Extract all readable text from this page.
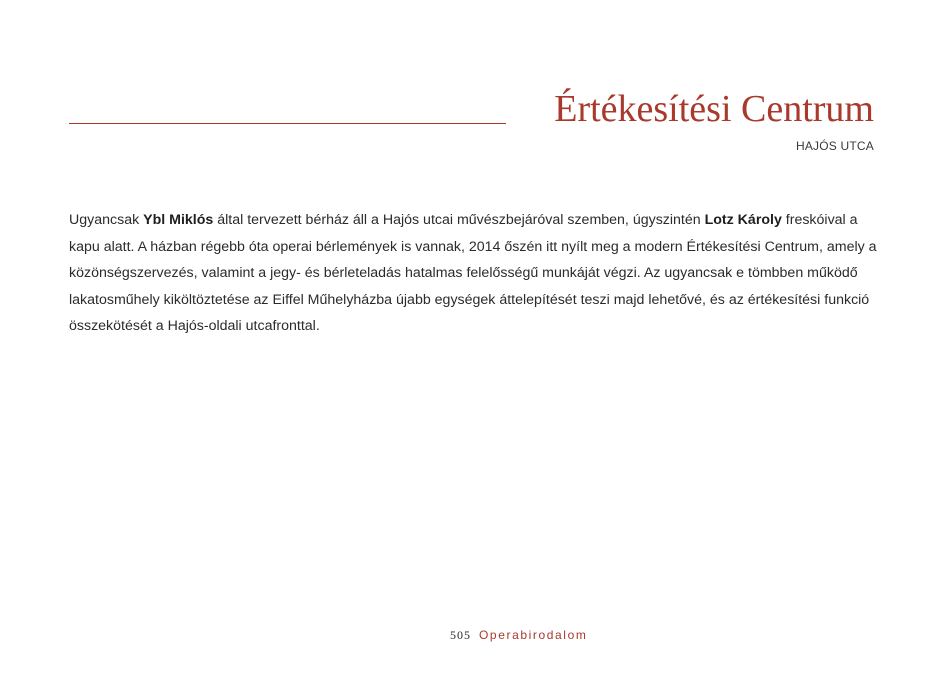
Értékesítési Centrum
HAJÓS UTCA

Ugyancsak Ybl Miklós által tervezett bérház áll a Hajós utcai művészbejáróval szemben, úgyszintén Lotz Károly freskóival a kapu alatt. A házban régebb óta operai bérlemények is vannak, 2014 őszén itt nyílt meg a modern Értékesítési Centrum, amely a közönségszervezés, valamint a jegy- és bérleteladás hatalmas felelősségű munkáját végzi. Az ugyancsak e tömbben működő lakatosműhely kiköltöztetése az Eiffel Műhelyházba újabb egységek áttelepítését teszi majd lehetővé, és az értékesítési funkció összekötését a Hajós-oldali utcafronttal.

505 Operabirodalom
